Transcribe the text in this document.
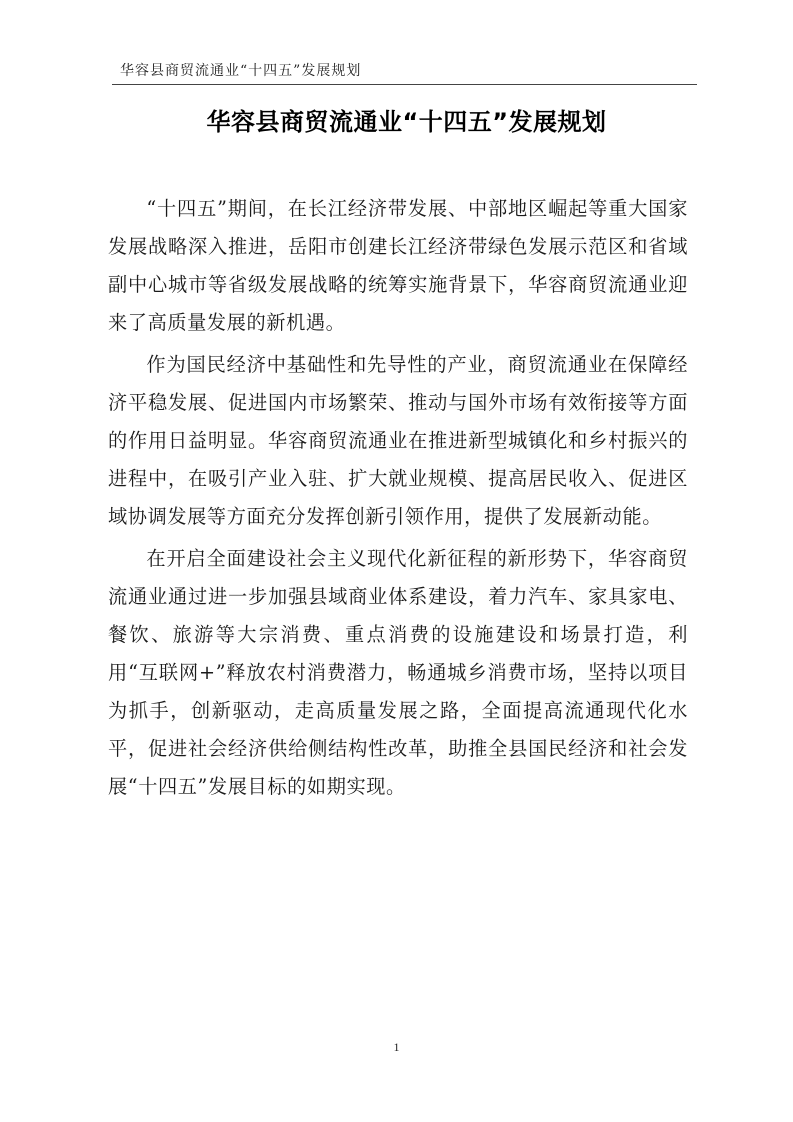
华容县商贸流通业“十四五”发展规划
华容县商贸流通业“十四五”发展规划

“十四五”期间，在长江经济带发展、中部地区崛起等重大国家发展战略深入推进，岳阳市创建长江经济带绿色发展示范区和省域副中心城市等省级发展战略的统筹实施背景下，华容商贸流通业迎来了高质量发展的新机遇。

作为国民经济中基础性和先导性的产业，商贸流通业在保障经济平稳发展、促进国内市场繁荣、推动与国外市场有效衔接等方面的作用日益明显。华容商贸流通业在推进新型城镇化和乡村振兴的进程中，在吸引产业入驻、扩大就业规模、提高居民收入、促进区域协调发展等方面充分发挥创新引领作用，提供了发展新动能。

在开启全面建设社会主义现代化新征程的新形势下，华容商贸流通业通过进一步加强县域商业体系建设，着力汽车、家具家电、餐饮、旅游等大宗消费、重点消费的设施建设和场景打造，利用“互联网+”释放农村消费潜力，畅通城乡消费市场，坚持以项目为抓手，创新驱动，走高质量发展之路，全面提高流通现代化水平，促进社会经济供给侧结构性改革，助推全县国民经济和社会发展“十四五”发展目标的如期实现。

1
